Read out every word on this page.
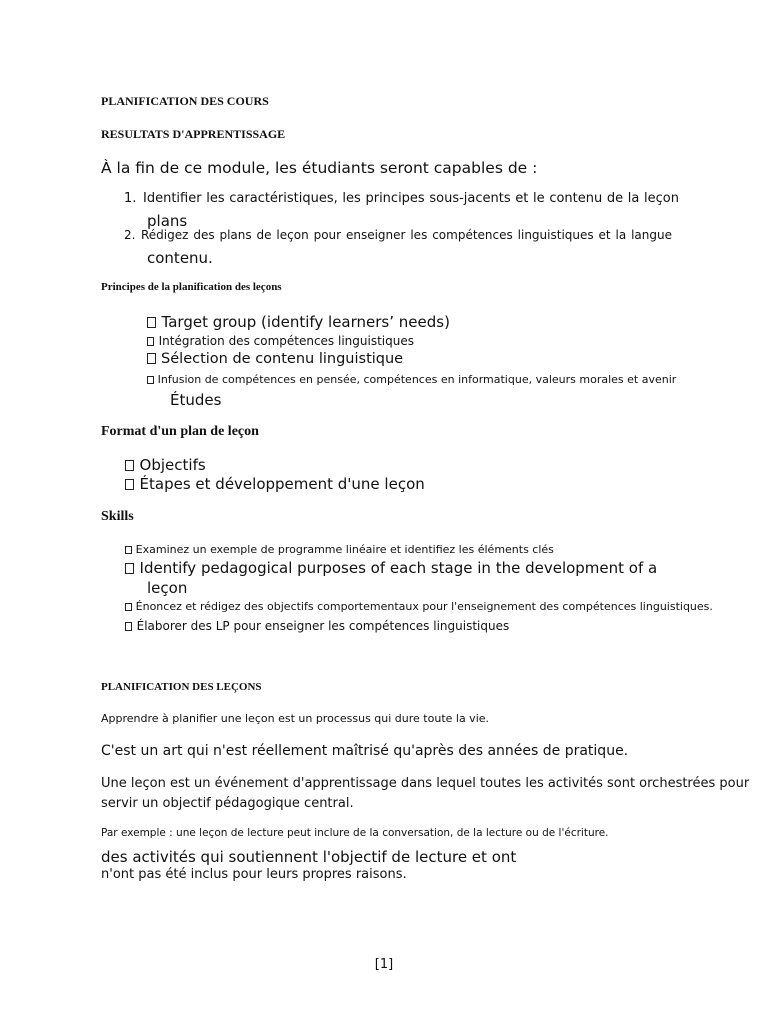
PLANIFICATION DES COURS
RESULTATS D'APPRENTISSAGE
À la fin de ce module, les étudiants seront capables de :
1. Identifier les caractéristiques, les principes sous-jacents et le contenu de la leçon
plans
2. Rédigez des plans de leçon pour enseigner les compétences linguistiques et la langue
contenu.
Principes de la planification des leçons
Target group (identify learners’ needs)
Intégration des compétences linguistiques
Sélection de contenu linguistique
Infusion de compétences en pensée, compétences en informatique, valeurs morales et avenir
Études
Format d'un plan de leçon
Objectifs
Étapes et développement d'une leçon
Skills
Examinez un exemple de programme linéaire et identifiez les éléments clés
Identify pedagogical purposes of each stage in the development of a
leçon
Énoncez et rédigez des objectifs comportementaux pour l'enseignement des compétences linguistiques.
Élaborer des LP pour enseigner les compétences linguistiques
PLANIFICATION DES LEÇONS
Apprendre à planifier une leçon est un processus qui dure toute la vie.
C'est un art qui n'est réellement maîtrisé qu'après des années de pratique.
Une leçon est un événement d'apprentissage dans lequel toutes les activités sont orchestrées pour
servir un objectif pédagogique central.
Par exemple : une leçon de lecture peut inclure de la conversation, de la lecture ou de l'écriture.
des activités qui soutiennent l'objectif de lecture et ont
n'ont pas été inclus pour leurs propres raisons.
[1]
